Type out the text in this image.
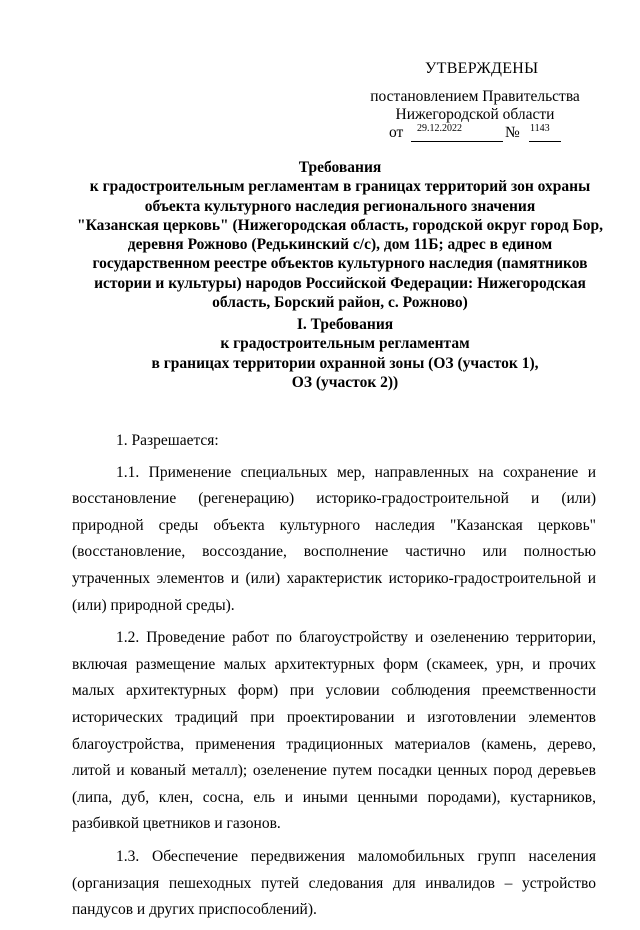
УТВЕРЖДЕНЫ
постановлением Правительства
Нижегородской области
от 29.12.2022	№ 1143
Требования
к градостроительным регламентам в границах территорий зон охраны
объекта культурного наследия регионального значения
"Казанская церковь" (Нижегородская область, городской округ город Бор,
деревня Рожново (Редькинский с/с), дом 11Б; адрес в едином
государственном реестре объектов культурного наследия (памятников
истории и культуры) народов Российской Федерации: Нижегородская
область, Борский район, с. Рожново)
I. Требования
к градостроительным регламентам
в границах территории охранной зоны (ОЗ (участок 1),
ОЗ (участок 2))

1. Разрешается:

1.1. Применение специальных мер, направленных на сохранение и восстановление (регенерацию) историко-градостроительной и (или) природной среды объекта культурного наследия "Казанская церковь" (восстановление, воссоздание, восполнение частично или полностью утраченных элементов и (или) характеристик историко-градостроительной и (или) природной среды).

1.2. Проведение работ по благоустройству и озеленению территории, включая размещение малых архитектурных форм (скамеек, урн, и прочих малых архитектурных форм) при условии соблюдения преемственности исторических традиций при проектировании и изготовлении элементов благоустройства, применения традиционных материалов (камень, дерево, литой и кованый металл); озеленение путем посадки ценных пород деревьев (липа, дуб, клен, сосна, ель и иными ценными породами), кустарников, разбивкой цветников и газонов.

1.3. Обеспечение передвижения маломобильных групп населения (организация пешеходных путей следования для инвалидов – устройство пандусов и других приспособлений).
